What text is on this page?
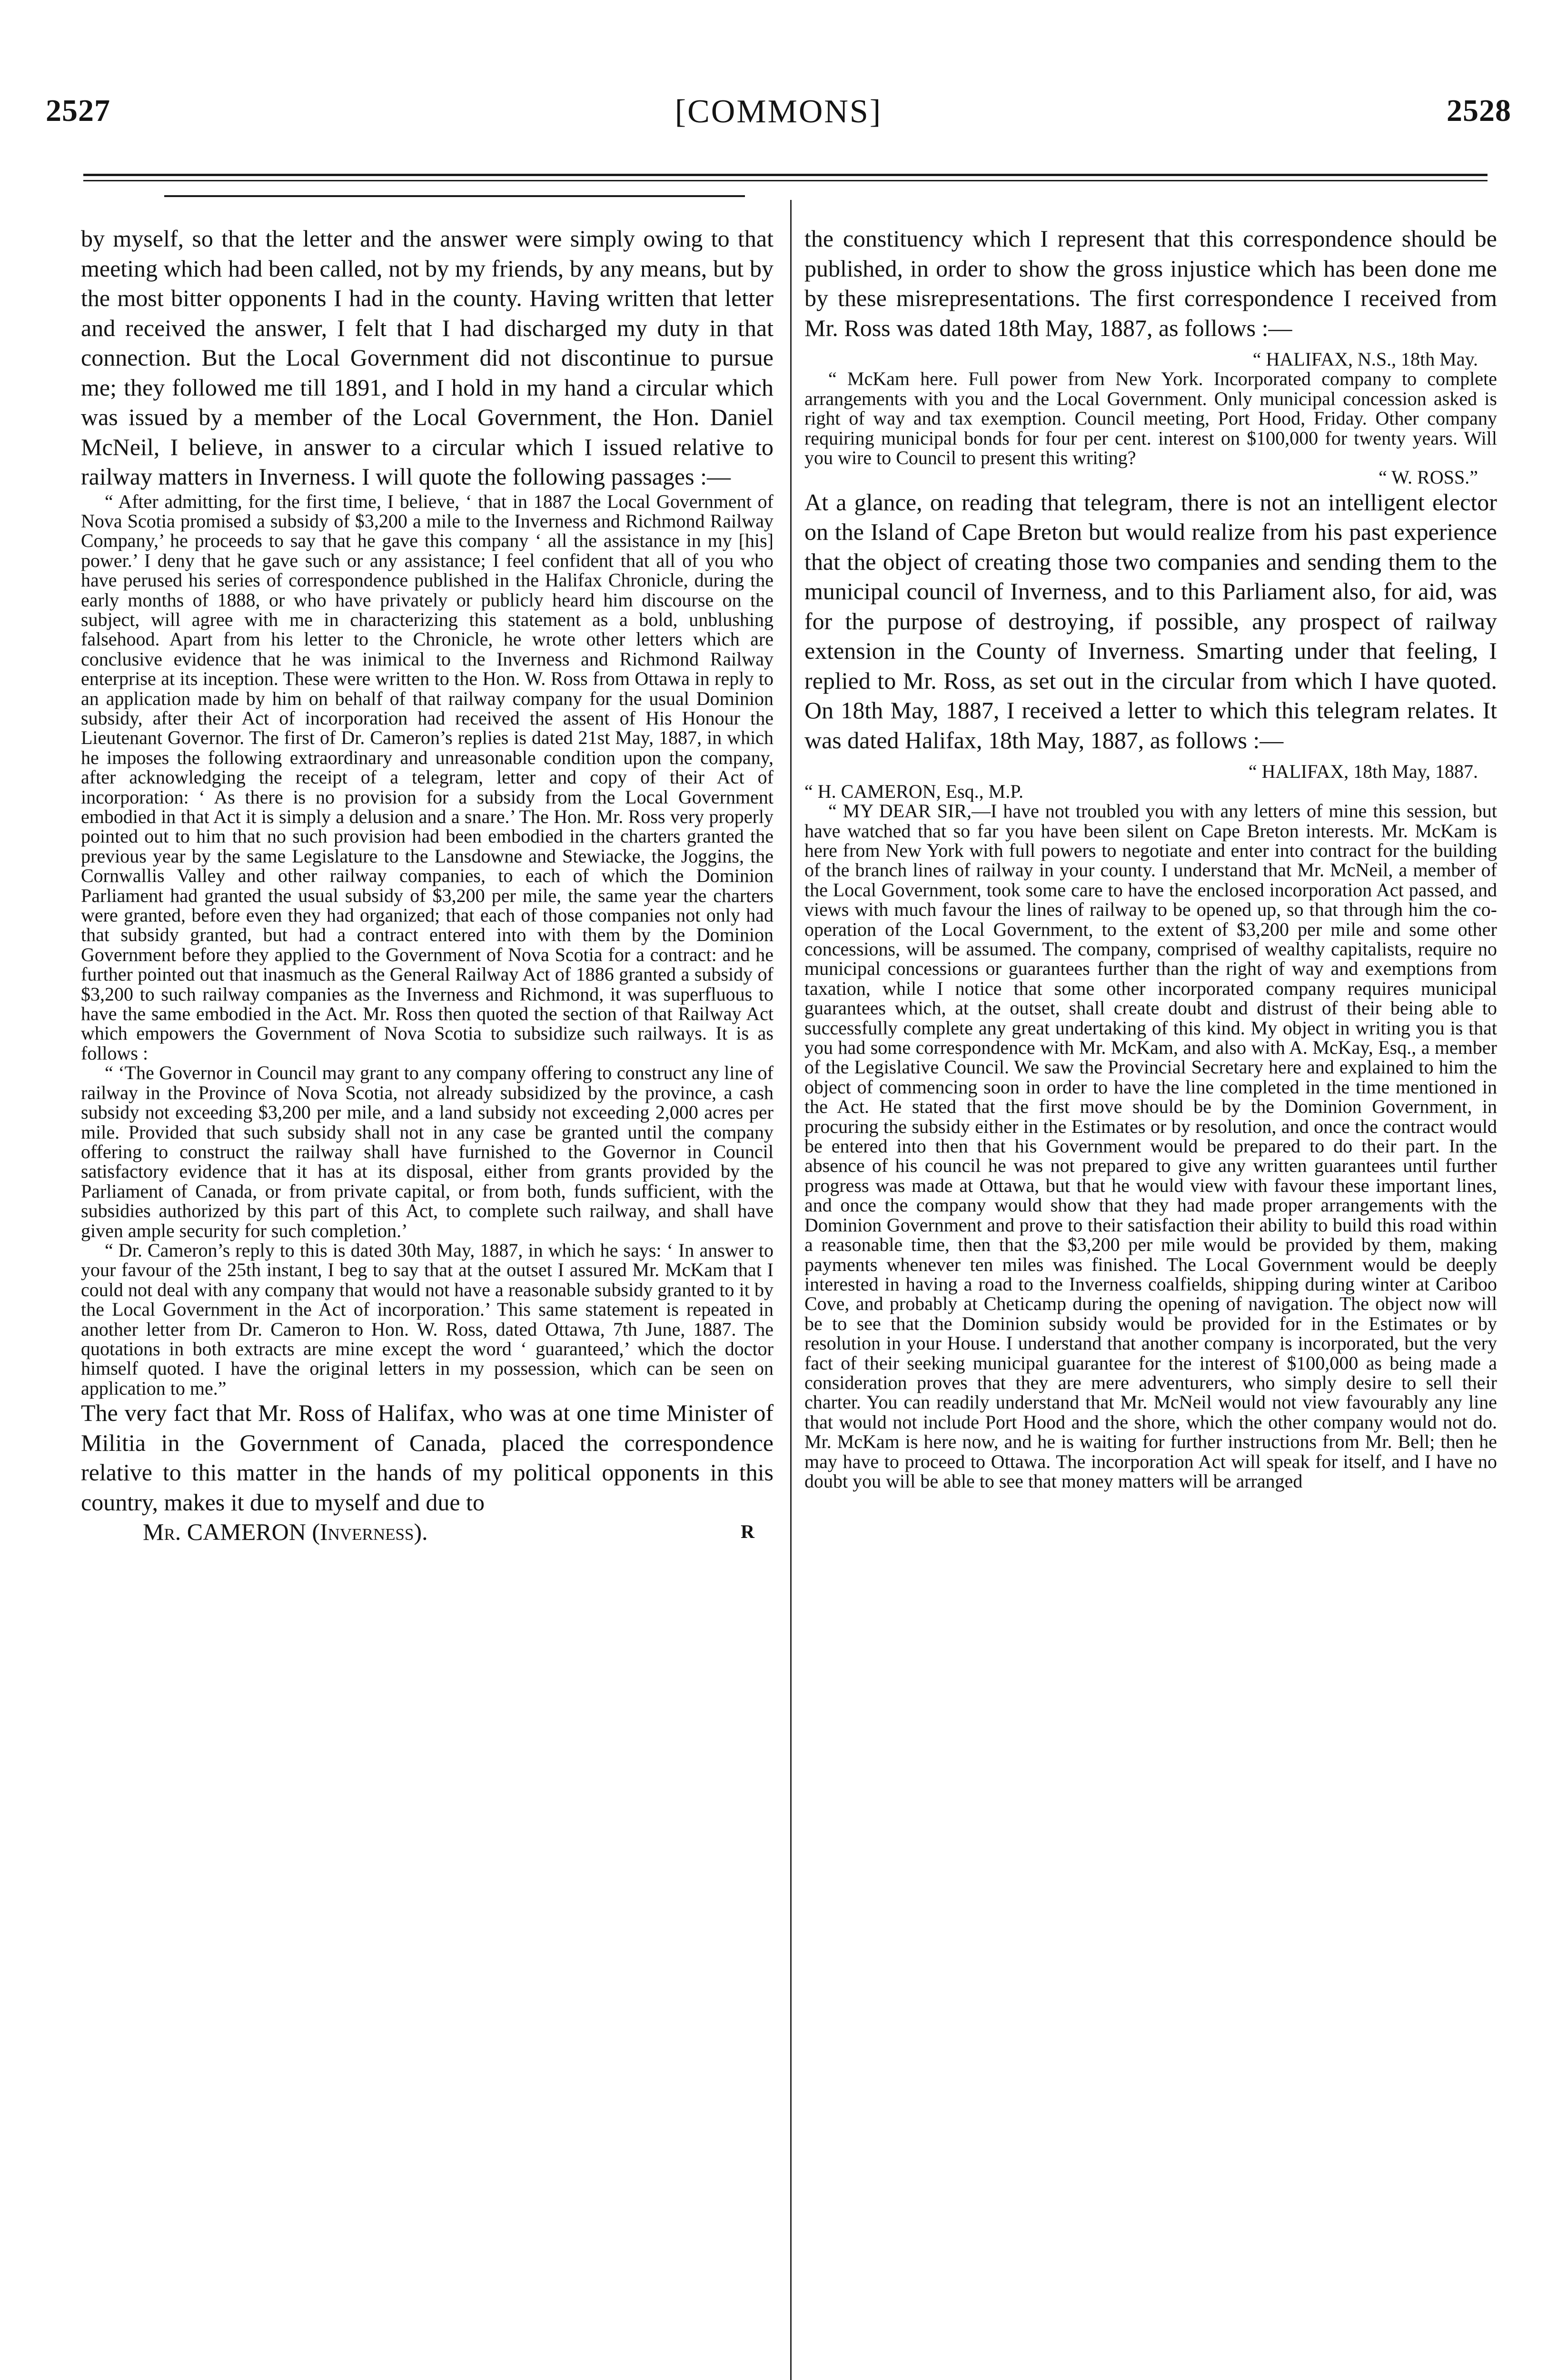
2527	[COMMONS]	2528

by myself, so that the letter and the answer were simply owing to that meeting which had been called, not by my friends, by any means, but by the most bitter opponents I had in the county. Having written that letter and received the answer, I felt that I had discharged my duty in that connection. But the Local Government did not discontinue to pursue me; they followed me till 1891, and I hold in my hand a circular which was issued by a member of the Local Government, the Hon. Daniel McNeil, I believe, in answer to a circular which I issued relative to railway matters in Inverness. I will quote the following passages :—

“ After admitting, for the first time, I believe, ‘ that in 1887 the Local Government of Nova Scotia promised a subsidy of $3,200 a mile to the Inverness and Richmond Railway Company,’ he proceeds to say that he gave this company ‘ all the assistance in my [his] power.’ I deny that he gave such or any assistance; I feel confident that all of you who have perused his series of correspondence published in the Halifax Chronicle, during the early months of 1888, or who have privately or publicly heard him discourse on the subject, will agree with me in characterizing this statement as a bold, unblushing falsehood. Apart from his letter to the Chronicle, he wrote other letters which are conclusive evidence that he was inimical to the Inverness and Richmond Railway enterprise at its inception. These were written to the Hon. W. Ross from Ottawa in reply to an application made by him on behalf of that railway company for the usual Dominion subsidy, after their Act of incorporation had received the assent of His Honour the Lieutenant Governor. The first of Dr. Cameron’s replies is dated 21st May, 1887, in which he imposes the following extraordinary and unreasonable condition upon the company, after acknowledging the receipt of a telegram, letter and copy of their Act of incorporation: ‘ As there is no provision for a subsidy from the Local Government embodied in that Act it is simply a delusion and a snare.’ The Hon. Mr. Ross very properly pointed out to him that no such provision had been embodied in the charters granted the previous year by the same Legislature to the Lansdowne and Stewiacke, the Joggins, the Cornwallis Valley and other railway companies, to each of which the Dominion Parliament had granted the usual subsidy of $3,200 per mile, the same year the charters were granted, before even they had organized; that each of those companies not only had that subsidy granted, but had a contract entered into with them by the Dominion Government before they applied to the Government of Nova Scotia for a contract: and he further pointed out that inasmuch as the General Railway Act of 1886 granted a subsidy of $3,200 to such railway companies as the Inverness and Richmond, it was superfluous to have the same embodied in the Act. Mr. Ross then quoted the section of that Railway Act which empowers the Government of Nova Scotia to subsidize such railways. It is as follows :

“ ‘The Governor in Council may grant to any company offering to construct any line of railway in the Province of Nova Scotia, not already subsidized by the province, a cash subsidy not exceeding $3,200 per mile, and a land subsidy not exceeding 2,000 acres per mile. Provided that such subsidy shall not in any case be granted until the company offering to construct the railway shall have furnished to the Governor in Council satisfactory evidence that it has at its disposal, either from grants provided by the Parliament of Canada, or from private capital, or from both, funds sufficient, with the subsidies authorized by this part of this Act, to complete such railway, and shall have given ample security for such completion.’

“ Dr. Cameron’s reply to this is dated 30th May, 1887, in which he says: ‘ In answer to your favour of the 25th instant, I beg to say that at the outset I assured Mr. McKam that I could not deal with any company that would not have a reasonable subsidy granted to it by the Local Government in the Act of incorporation.’ This same statement is repeated in another letter from Dr. Cameron to Hon. W. Ross, dated Ottawa, 7th June, 1887. The quotations in both extracts are mine except the word ‘ guaranteed,’ which the doctor himself quoted. I have the original letters in my possession, which can be seen on application to me.”

The very fact that Mr. Ross of Halifax, who was at one time Minister of Militia in the Government of Canada, placed the correspondence relative to this matter in the hands of my political opponents in this country, makes it due to myself and due to

Mr. CAMERON (Inverness).	R

the constituency which I represent that this correspondence should be published, in order to show the gross injustice which has been done me by these misrepresentations. The first correspondence I received from Mr. Ross was dated 18th May, 1887, as follows :—

“ HALIFAX, N.S., 18th May.

“ McKam here. Full power from New York. Incorporated company to complete arrangements with you and the Local Government. Only municipal concession asked is right of way and tax exemption. Council meeting, Port Hood, Friday. Other company requiring municipal bonds for four per cent. interest on $100,000 for twenty years. Will you wire to Council to present this writing?

“ W. ROSS.”

At a glance, on reading that telegram, there is not an intelligent elector on the Island of Cape Breton but would realize from his past experience that the object of creating those two companies and sending them to the municipal council of Inverness, and to this Parliament also, for aid, was for the purpose of destroying, if possible, any prospect of railway extension in the County of Inverness. Smarting under that feeling, I replied to Mr. Ross, as set out in the circular from which I have quoted. On 18th May, 1887, I received a letter to which this telegram relates. It was dated Halifax, 18th May, 1887, as follows :—

“ HALIFAX, 18th May, 1887.

“ H. CAMERON, Esq., M.P.

“ MY DEAR SIR,—I have not troubled you with any letters of mine this session, but have watched that so far you have been silent on Cape Breton interests. Mr. McKam is here from New York with full powers to negotiate and enter into contract for the building of the branch lines of railway in your county. I understand that Mr. McNeil, a member of the Local Government, took some care to have the enclosed incorporation Act passed, and views with much favour the lines of railway to be opened up, so that through him the co-operation of the Local Government, to the extent of $3,200 per mile and some other concessions, will be assumed. The company, comprised of wealthy capitalists, require no municipal concessions or guarantees further than the right of way and exemptions from taxation, while I notice that some other incorporated company requires municipal guarantees which, at the outset, shall create doubt and distrust of their being able to successfully complete any great undertaking of this kind. My object in writing you is that you had some correspondence with Mr. McKam, and also with A. McKay, Esq., a member of the Legislative Council. We saw the Provincial Secretary here and explained to him the object of commencing soon in order to have the line completed in the time mentioned in the Act. He stated that the first move should be by the Dominion Government, in procuring the subsidy either in the Estimates or by resolution, and once the contract would be entered into then that his Government would be prepared to do their part. In the absence of his council he was not prepared to give any written guarantees until further progress was made at Ottawa, but that he would view with favour these important lines, and once the company would show that they had made proper arrangements with the Dominion Government and prove to their satisfaction their ability to build this road within a reasonable time, then that the $3,200 per mile would be provided by them, making payments whenever ten miles was finished. The Local Government would be deeply interested in having a road to the Inverness coalfields, shipping during winter at Cariboo Cove, and probably at Cheticamp during the opening of navigation. The object now will be to see that the Dominion subsidy would be provided for in the Estimates or by resolution in your House. I understand that another company is incorporated, but the very fact of their seeking municipal guarantee for the interest of $100,000 as being made a consideration proves that they are mere adventurers, who simply desire to sell their charter. You can readily understand that Mr. McNeil would not view favourably any line that would not include Port Hood and the shore, which the other company would not do. Mr. McKam is here now, and he is waiting for further instructions from Mr. Bell; then he may have to proceed to Ottawa. The incorporation Act will speak for itself, and I have no doubt you will be able to see that money matters will be arranged
